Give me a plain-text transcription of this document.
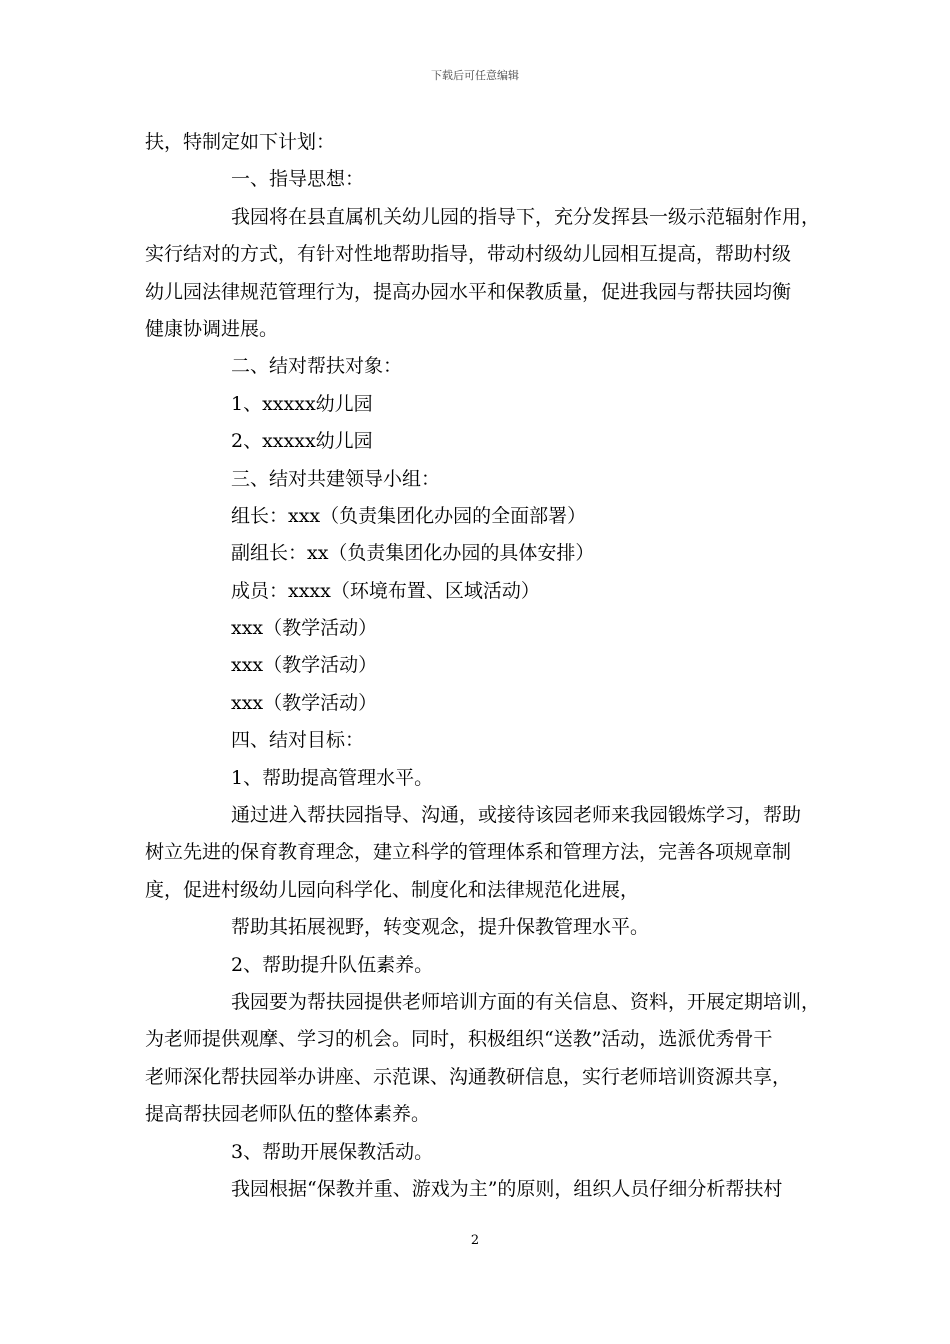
下载后可任意编辑
扶，特制定如下计划：
一、指导思想：
我园将在县直属机关幼儿园的指导下，充分发挥县一级示范辐射作用，
实行结对的方式，有针对性地帮助指导，带动村级幼儿园相互提高，帮助村级
幼儿园法律规范管理行为，提高办园水平和保教质量，促进我园与帮扶园均衡
健康协调进展。
二、结对帮扶对象：
1、xxxxx幼儿园
2、xxxxx幼儿园
三、结对共建领导小组：
组长：xxx（负责集团化办园的全面部署）
副组长：xx（负责集团化办园的具体安排）
成员：xxxx（环境布置、区域活动）
xxx（教学活动）
xxx（教学活动）
xxx（教学活动）
四、结对目标：
1、帮助提高管理水平。
通过进入帮扶园指导、沟通，或接待该园老师来我园锻炼学习，帮助
树立先进的保育教育理念，建立科学的管理体系和管理方法，完善各项规章制
度，促进村级幼儿园向科学化、制度化和法律规范化进展，
帮助其拓展视野，转变观念，提升保教管理水平。
2、帮助提升队伍素养。
我园要为帮扶园提供老师培训方面的有关信息、资料，开展定期培训，
为老师提供观摩、学习的机会。同时，积极组织“送教”活动，选派优秀骨干
老师深化帮扶园举办讲座、示范课、沟通教研信息，实行老师培训资源共享，
提高帮扶园老师队伍的整体素养。
3、帮助开展保教活动。
我园根据“保教并重、游戏为主”的原则，组织人员仔细分析帮扶村
2
